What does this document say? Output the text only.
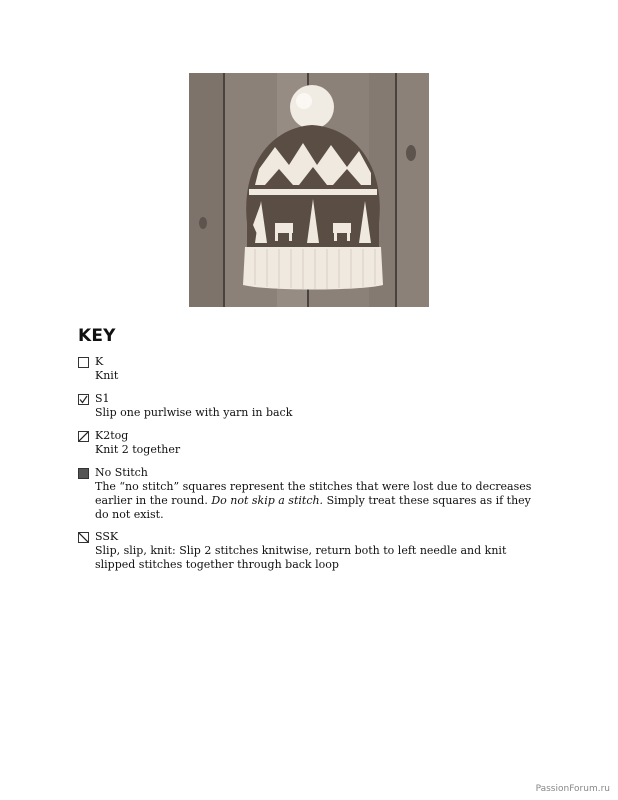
KEY
K
Knit
S1
Slip one purlwise with yarn in back
K2tog
Knit 2 together
No Stitch
The “no stitch” squares represent the stitches that were lost due to decreases earlier in the round. Do not skip a stitch. Simply treat these squares as if they do not exist.
SSK
Slip, slip, knit: Slip 2 stitches knitwise, return both to left needle and knit slipped stitches together through back loop
PassionForum.ru
